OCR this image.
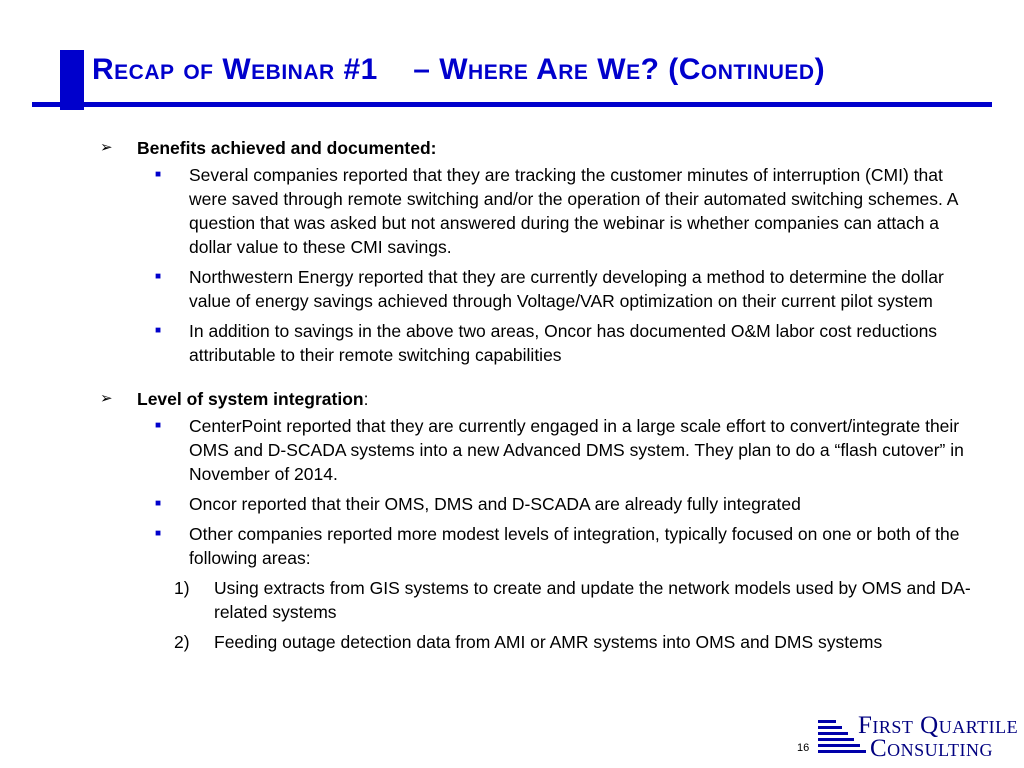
Recap of Webinar #1    – Where Are We? (Continued)
➢	Benefits achieved and documented:
■	Several companies reported that they are tracking the customer minutes of interruption (CMI) that were saved through remote switching and/or the operation of their automated switching schemes. A question that was asked but not answered during the webinar is whether companies can attach a dollar value to these CMI savings.
■	Northwestern Energy reported that they are currently developing a method to determine the dollar value of energy savings achieved through Voltage/VAR optimization on their current pilot system
■	In addition to savings in the above two areas, Oncor has documented O&M labor cost reductions attributable to their remote switching capabilities
➢	Level of system integration:
■	CenterPoint reported that they are currently engaged in a large scale effort to convert/integrate their OMS and D-SCADA systems into a new Advanced DMS system. They plan to do a “flash cutover” in November of 2014.
■	Oncor reported that their OMS, DMS and D-SCADA are already fully integrated
■	Other companies reported more modest levels of integration, typically focused on one or both of the following areas:
1)	Using extracts from GIS systems to create and update the network models used by OMS and DA-related systems
2)	Feeding outage detection data from AMI or AMR systems into OMS and DMS systems
16
First Quartile
Consulting
